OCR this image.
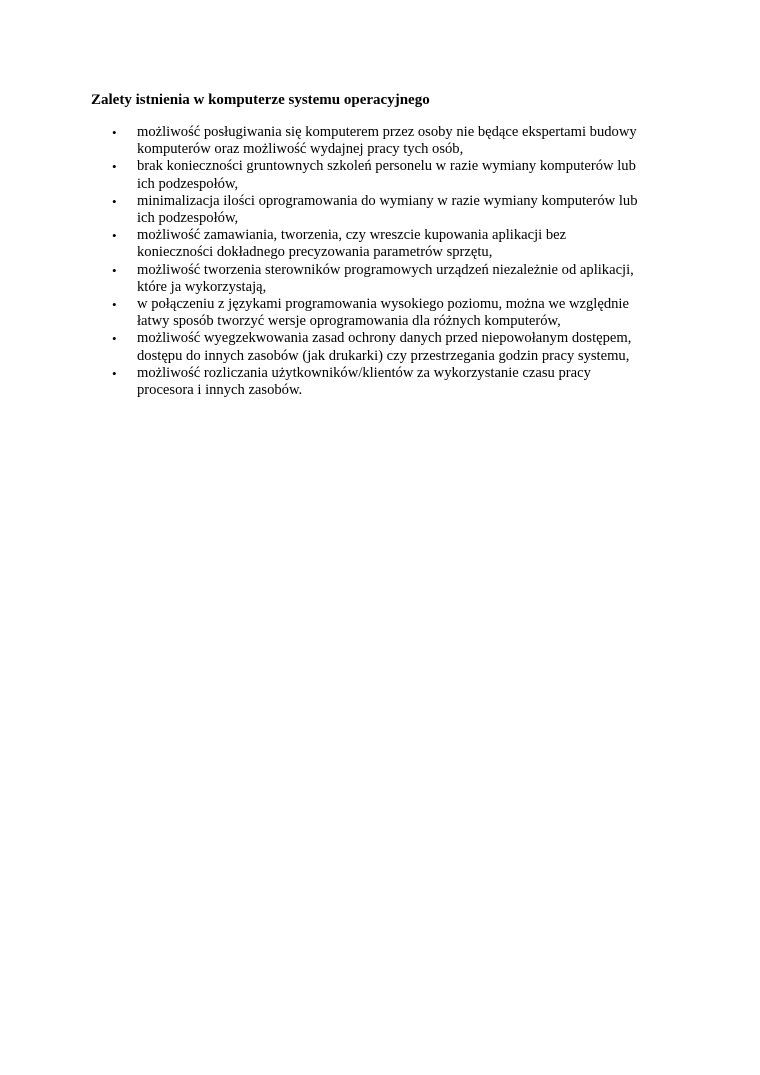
Zalety istnienia w komputerze systemu operacyjnego
• możliwość posługiwania się komputerem przez osoby nie będące ekspertami budowy
komputerów oraz możliwość wydajnej pracy tych osób,
• brak konieczności gruntownych szkoleń personelu w razie wymiany komputerów lub
ich podzespołów,
• minimalizacja ilości oprogramowania do wymiany w razie wymiany komputerów lub
ich podzespołów,
• możliwość zamawiania, tworzenia, czy wreszcie kupowania aplikacji bez
konieczności dokładnego precyzowania parametrów sprzętu,
• możliwość tworzenia sterowników programowych urządzeń niezależnie od aplikacji,
które ja wykorzystają,
• w połączeniu z językami programowania wysokiego poziomu, można we względnie
łatwy sposób tworzyć wersje oprogramowania dla różnych komputerów,
• możliwość wyegzekwowania zasad ochrony danych przed niepowołanym dostępem,
dostępu do innych zasobów (jak drukarki) czy przestrzegania godzin pracy systemu,
• możliwość rozliczania użytkowników/klientów za wykorzystanie czasu pracy
procesora i innych zasobów.
